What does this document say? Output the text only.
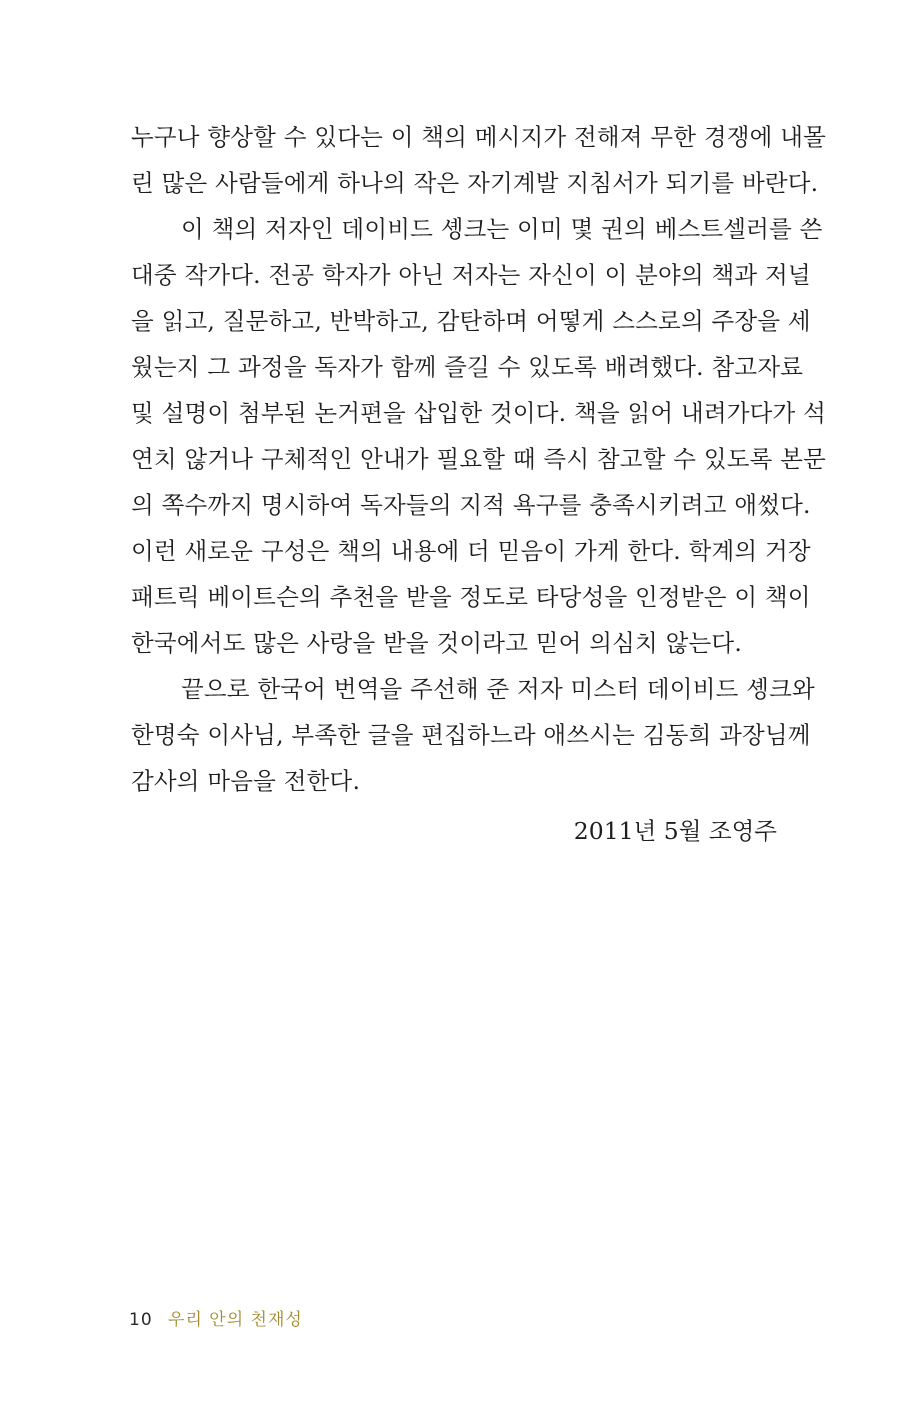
누구나 향상할 수 있다는 이 책의 메시지가 전해져 무한 경쟁에 내몰
린 많은 사람들에게 하나의 작은 자기계발 지침서가 되기를 바란다.
이 책의 저자인 데이비드 솅크는 이미 몇 권의 베스트셀러를 쓴
대중 작가다. 전공 학자가 아닌 저자는 자신이 이 분야의 책과 저널
을 읽고, 질문하고, 반박하고, 감탄하며 어떻게 스스로의 주장을 세
웠는지 그 과정을 독자가 함께 즐길 수 있도록 배려했다. 참고자료
및 설명이 첨부된 논거편을 삽입한 것이다. 책을 읽어 내려가다가 석
연치 않거나 구체적인 안내가 필요할 때 즉시 참고할 수 있도록 본문
의 쪽수까지 명시하여 독자들의 지적 욕구를 충족시키려고 애썼다.
이런 새로운 구성은 책의 내용에 더 믿음이 가게 한다. 학계의 거장
패트릭 베이트슨의 추천을 받을 정도로 타당성을 인정받은 이 책이
한국에서도 많은 사랑을 받을 것이라고 믿어 의심치 않는다.
끝으로 한국어 번역을 주선해 준 저자 미스터 데이비드 솅크와
한명숙 이사님, 부족한 글을 편집하느라 애쓰시는 김동희 과장님께
감사의 마음을 전한다.
2011년 5월 조영주
10 우리 안의 천재성
